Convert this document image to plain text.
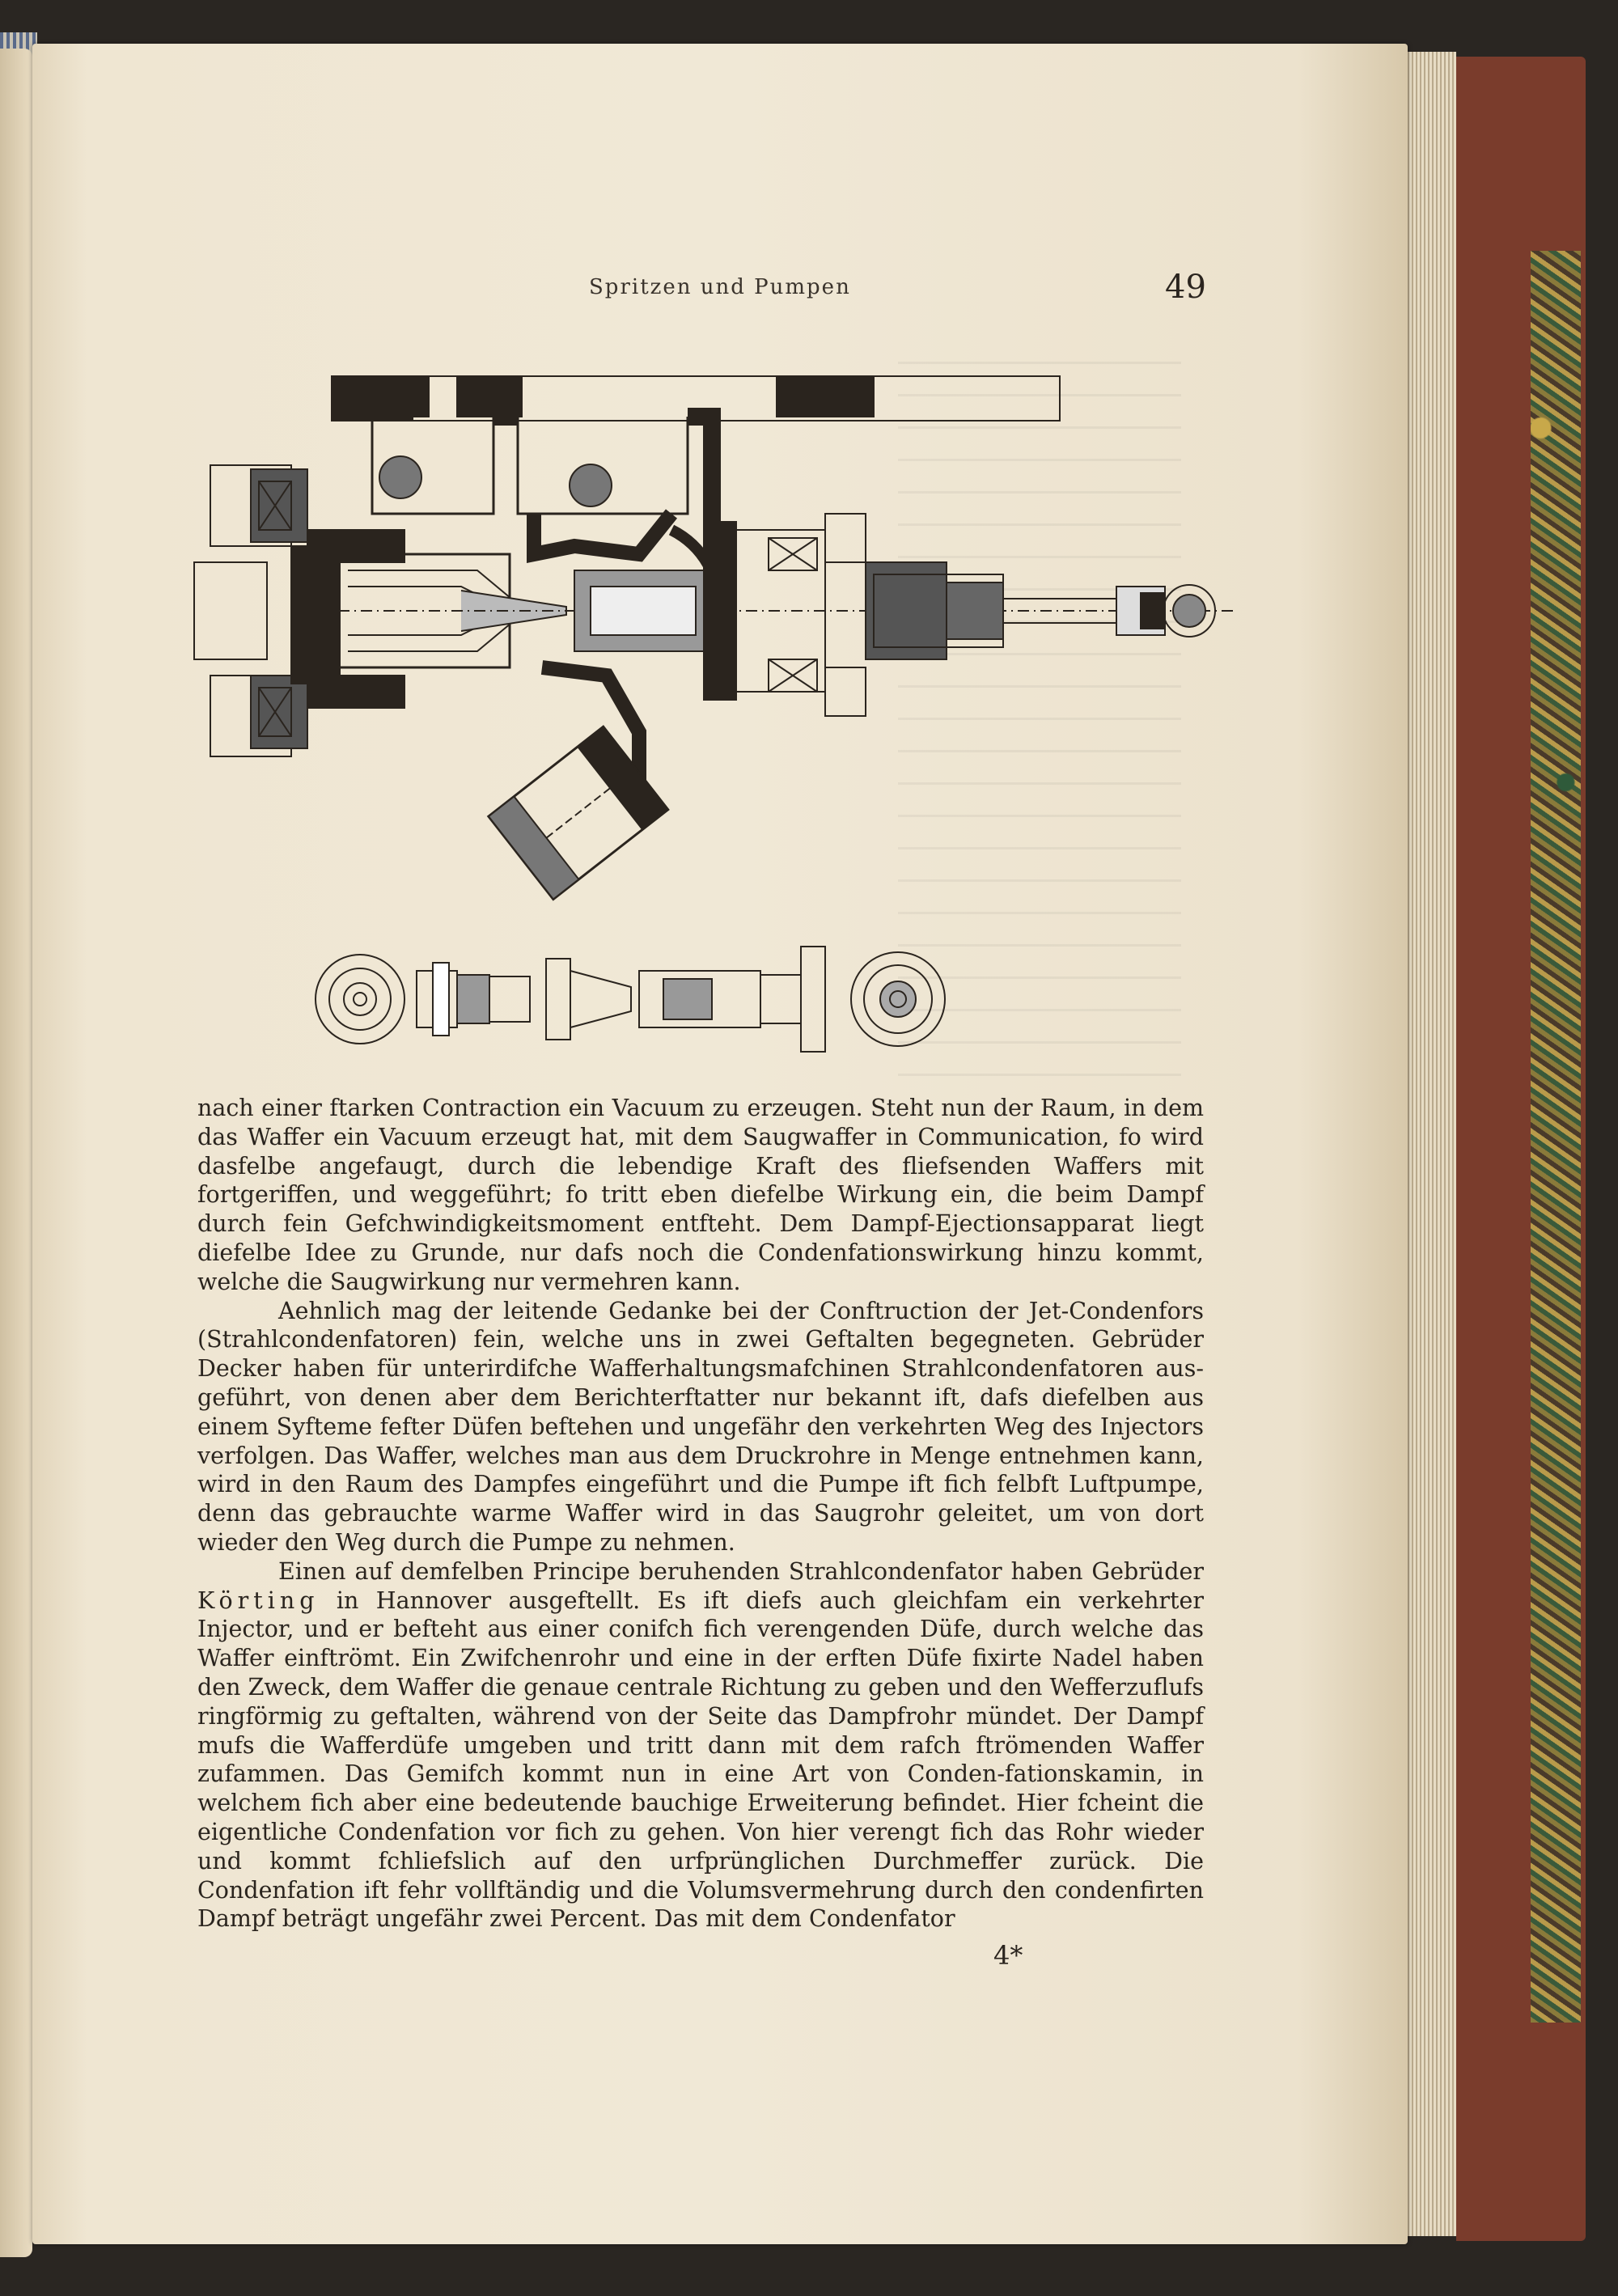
Spritzen und Pumpen	49

nach einer ftarken Contraction ein Vacuum zu erzeugen. Steht nun der Raum, in dem das Waffer ein Vacuum erzeugt hat, mit dem Saugwaffer in Communication, fo wird dasfelbe angefaugt, durch die lebendige Kraft des fliefsenden Waffers mit fortgeriffen, und weggeführt; fo tritt eben diefelbe Wirkung ein, die beim Dampf durch fein Gefchwindigkeitsmoment entfteht. Dem Dampf-Ejectionsapparat liegt diefelbe Idee zu Grunde, nur dafs noch die Condenfationswirkung hinzu kommt, welche die Saugwirkung nur vermehren kann.

Aehnlich mag der leitende Gedanke bei der Conftruction der Jet-Condenfors (Strahlcondenfatoren) fein, welche uns in zwei Geftalten begegneten. Gebrüder Decker haben für unterirdifche Wafferhaltungsmafchinen Strahlcondenfatoren aus-geführt, von denen aber dem Berichterftatter nur bekannt ift, dafs diefelben aus einem Syfteme fefter Düfen beftehen und ungefähr den verkehrten Weg des Injectors verfolgen. Das Waffer, welches man aus dem Druckrohre in Menge entnehmen kann, wird in den Raum des Dampfes eingeführt und die Pumpe ift fich felbft Luftpumpe, denn das gebrauchte warme Waffer wird in das Saugrohr geleitet, um von dort wieder den Weg durch die Pumpe zu nehmen.

Einen auf demfelben Principe beruhenden Strahlcondenfator haben Gebrüder Körting in Hannover ausgeftellt. Es ift diefs auch gleichfam ein verkehrter Injector, und er befteht aus einer conifch fich verengenden Düfe, durch welche das Waffer einftrömt. Ein Zwifchenrohr und eine in der erften Düfe fixirte Nadel haben den Zweck, dem Waffer die genaue centrale Richtung zu geben und den Wefferzuflufs ringförmig zu geftalten, während von der Seite das Dampfrohr mündet. Der Dampf mufs die Wafferdüfe umgeben und tritt dann mit dem rafch ftrömenden Waffer zufammen. Das Gemifch kommt nun in eine Art von Conden-fationskamin, in welchem fich aber eine bedeutende bauchige Erweiterung befindet. Hier fcheint die eigentliche Condenfation vor fich zu gehen. Von hier verengt fich das Rohr wieder und kommt fchliefslich auf den urfprünglichen Durchmeffer zurück. Die Condenfation ift fehr vollftändig und die Volumsvermehrung durch den condenfirten Dampf beträgt ungefähr zwei Percent. Das mit dem Condenfator

4*
